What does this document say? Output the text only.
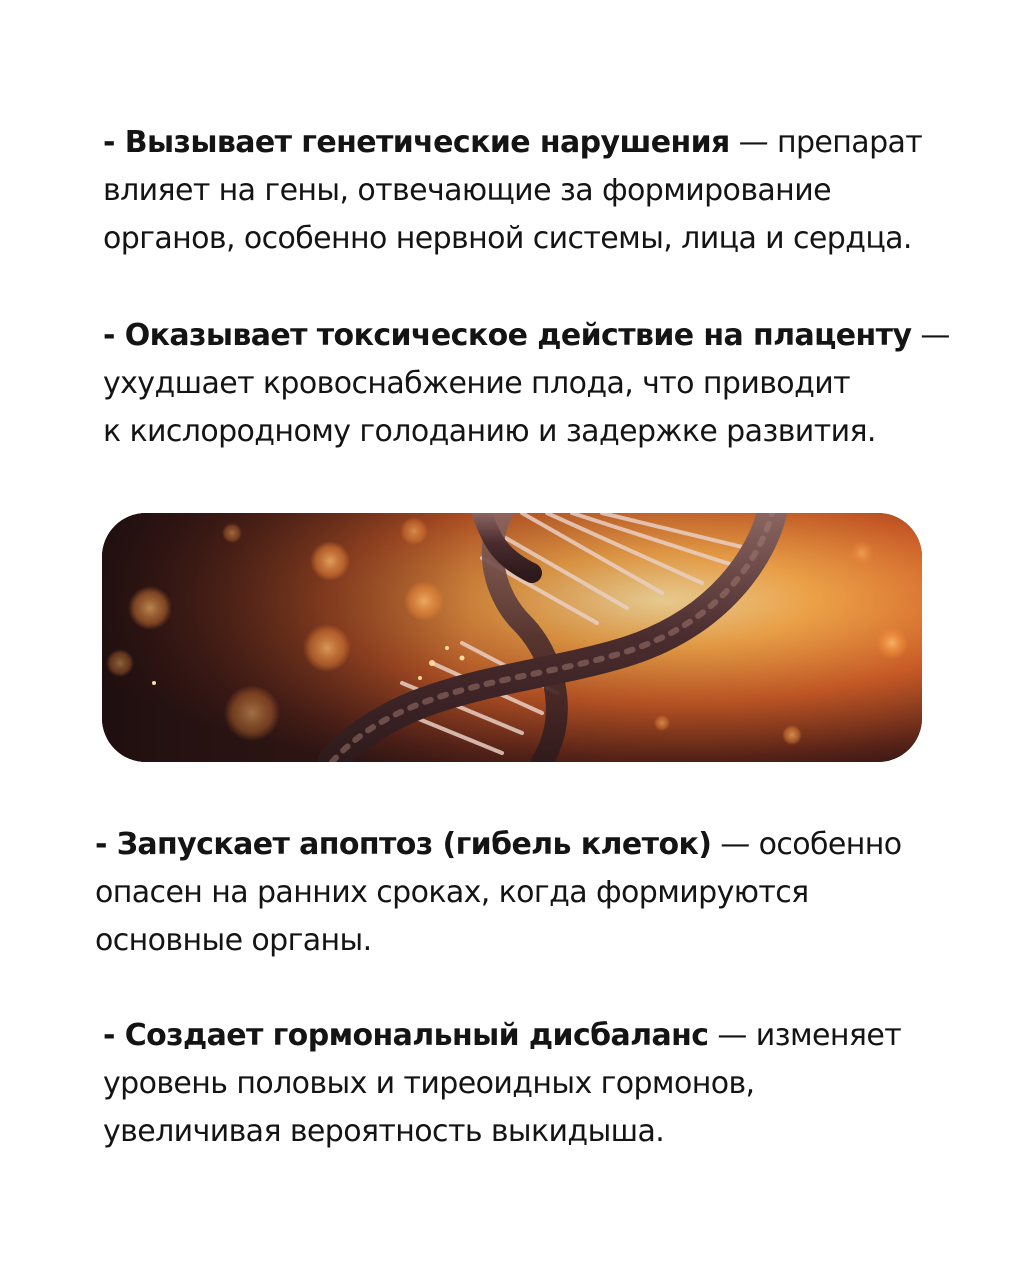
- Вызывает генетические нарушения — препарат
влияет на гены, отвечающие за формирование
органов, особенно нервной системы, лица и сердца.

- Оказывает токсическое действие на плаценту —
ухудшает кровоснабжение плода, что приводит
к кислородному голоданию и задержке развития.

- Запускает апоптоз (гибель клеток) — особенно
опасен на ранних сроках, когда формируются
основные органы.

- Создает гормональный дисбаланс — изменяет
уровень половых и тиреоидных гормонов,
увеличивая вероятность выкидыша.
